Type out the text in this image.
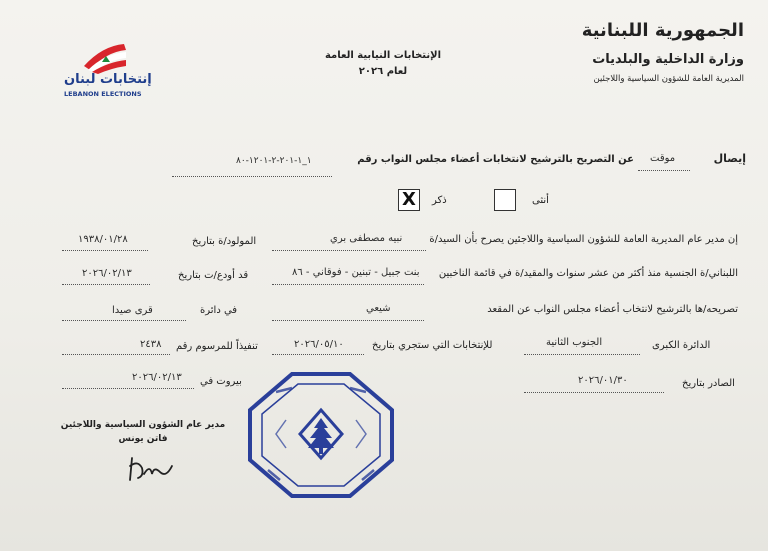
الجمهورية اللبنانية
وزارة الداخلية والبلديات
المديرية العامة للشؤون السياسية واللاجئين
الإنتخابات النيابية العامة
لعام ٢٠٢٦
إنتخابات لبنان
LEBANON ELECTIONS
إيصال
موقت
عن التصريح بالترشيح لانتخابات أعضاء مجلس النواب رقم
١_١-٢٠١-٢-١٢٠١-٨٠
أنثى
ذكر
X
إن مدير عام المديرية العامة للشؤون السياسية واللاجئين يصرح بأن السيد/ة
نبيه مصطفى بري
المولود/ة بتاريخ
١٩٣٨/٠١/٢٨
اللبناني/ة الجنسية منذ أكثر من عشر سنوات والمقيد/ة في قائمة الناخبين
بنت جبيل - تبنين - فوقاني - ٨٦
قد أودع/ت بتاريخ
٢٠٢٦/٠٢/١٣
تصريحه/ها بالترشيح لانتخاب أعضاء مجلس النواب عن المقعد
شيعي
في دائرة
قرى صيدا
الدائرة الكبرى
الجنوب الثانية
للإنتخابات التي ستجري بتاريخ
٢٠٢٦/٠٥/١٠
تنفيذاً للمرسوم رقم
٢٤٣٨
الصادر بتاريخ
٢٠٢٦/٠١/٣٠
بيروت في
٢٠٢٦/٠٢/١٣
مدير عام الشؤون السياسية واللاجئين
فاتن يونس
